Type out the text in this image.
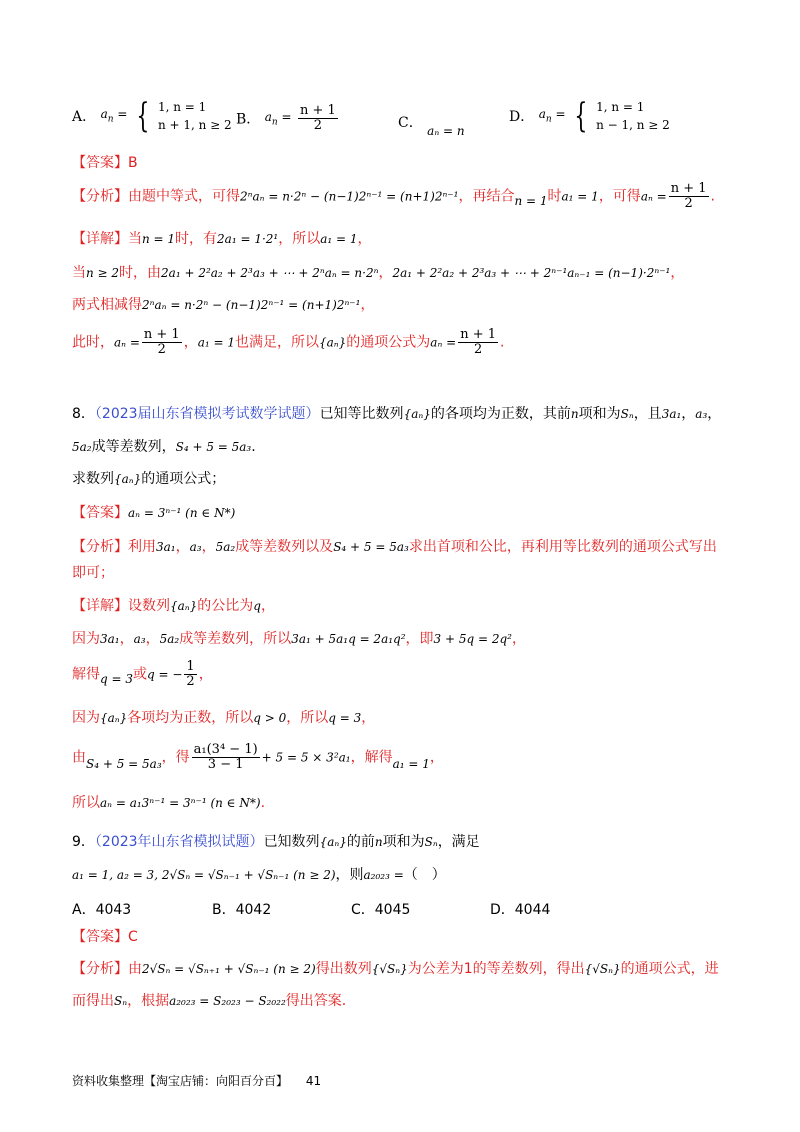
A． $a_n$ = { 1, n = 1
n + 1, n ≥ 2 B． $a_n = \frac{n + 1}{2}$	C． aₙ = n
D． $a_n$ = { 1, n = 1
n − 1, n ≥ 2
【答案】B
【分析】由题中等式，可得2ⁿaₙ = n·2ⁿ − (n−1)2ⁿ⁻¹ = (n+1)2ⁿ⁻¹，再结合n = 1时a₁ = 1，可得$a_n = \frac{n + 1}{2}$ .
【详解】当n = 1时，有2a₁ = 1·2¹，所以a₁ = 1，
当n ≥ 2时，由2a₁ + 2²a₂ + 2³a₃ + ⋯ + 2ⁿaₙ = n·2ⁿ，2a₁ + 2²a₂ + 2³a₃ + ⋯ + 2ⁿ⁻¹aₙ₋₁ = (n−1)·2ⁿ⁻¹，
两式相减得2ⁿaₙ = n·2ⁿ − (n−1)2ⁿ⁻¹ = (n+1)2ⁿ⁻¹，
此时，$a_n = \frac{n + 1}{2}$ ，a₁ = 1也满足，所以{aₙ}的通项公式为$a_n = \frac{n + 1}{2}$ .
8．（2023届山东省模拟考试数学试题）已知等比数列{aₙ}的各项均为正数，其前n项和为Sₙ，且3a₁，a₃，
5a₂成等差数列，S₄ + 5 = 5a₃.
求数列{aₙ}的通项公式；
【答案】aₙ = 3ⁿ⁻¹ (n ∈ N*)
【分析】利用3a₁，a₃，5a₂成等差数列以及S₄ + 5 = 5a₃求出首项和公比，再利用等比数列的通项公式写出
即可；
【详解】设数列{aₙ}的公比为q，
因为3a₁，a₃，5a₂成等差数列，所以3a₁ + 5a₁q = 2a₁q²，即3 + 5q = 2q²，
解得q = 3或q = − $\frac{1}{2}$ ，
因为{aₙ}各项均为正数，所以q > 0，所以q = 3，
由S₄ + 5 = 5a₃，得 $\frac{\text{a₁(3⁴ − 1)}}{3 - 1} + 5 = 5 \times 3^2a_1$，解得a₁ = 1，
所以aₙ = a₁3ⁿ⁻¹ = 3ⁿ⁻¹ (n ∈ N*).
9．（2023年山东省模拟试题）已知数列{aₙ}的前n项和为Sₙ，满足
a₁ = 1, a₂ = 3, 2√Sₙ = √Sₙ₋₁ + √Sₙ₋₁ (n ≥ 2)，则a₂₀₂₃ =（　）
A．4043	B．4042	C．4045	D．4044
【答案】C
【分析】由2√Sₙ = √Sₙ₊₁ + √Sₙ₋₁ (n ≥ 2)得出数列{√Sₙ}为公差为1的等差数列，得出{√Sₙ}的通项公式，进
而得出Sₙ，根据a₂₀₂₃ = S₂₀₂₃ − S₂₀₂₂得出答案.
资料收集整理【淘宝店铺：向阳百分百】 41
